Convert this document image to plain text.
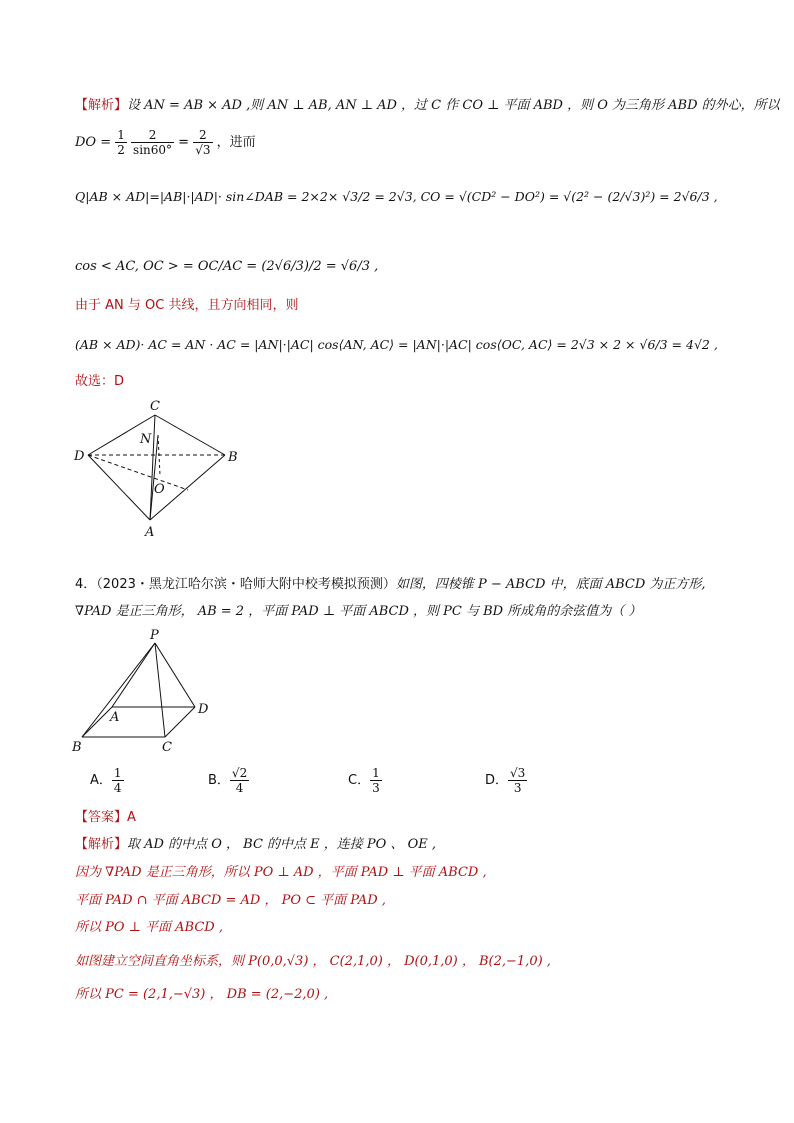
【解析】设 AN = AB × AD ,则 AN ⊥ AB, AN ⊥ AD ，过 C 作 CO ⊥ 平面 ABD ，则 O 为三角形 ABD 的外心，所以
DO = $\frac{1}{2}$
$\frac{2}{\sin 60^\circ} = \frac{2}{√3}$ ，进而
Q|AB × AD|=|AB|·|AD|· sin∠DAB = 2×2× √3/2 = 2√3, CO = √(CD² − DO²) = √(2² − (2/√3)²) = 2√6/3 ,
cos < AC, OC > = OC/AC = (2√6/3)/2 = √6/3 ,
由于 AN 与 OC 共线，且方向相同，则
(AB × AD)· AC = AN · AC = |AN|·|AC| cos⟨AN, AC⟩ = |AN|·|AC| cos⟨OC, AC⟩ = 2√3 × 2 × √6/3 = 4√2 ,
故选：D
C
N
D	B
O
A
4．（2023・黑龙江哈尔滨・哈师大附中校考模拟预测）如图，四棱锥 P − ABCD 中，底面 ABCD 为正方形,
∇PAD 是正三角形， AB = 2 ，平面 PAD ⊥ 平面 ABCD ，则 PC 与 BD 所成角的余弦值为（ ）
P
A
D
B	C
A． $\frac{1}{4}$	B． $\frac{√2}{4}$	C． $\frac{1}{3}$	D． $\frac{√3}{3}$
【答案】A
【解析】取 AD 的中点 O ， BC 的中点 E ，连接 PO 、 OE ,
因为 ∇PAD 是正三角形，所以 PO ⊥ AD ，平面 PAD ⊥ 平面 ABCD ,
平面 PAD ∩ 平面 ABCD = AD ， PO ⊂ 平面 PAD ,
所以 PO ⊥ 平面 ABCD ,
如图建立空间直角坐标系，则 P(0,0,√3) ， C(2,1,0) ， D(0,1,0) ， B(2,−1,0) ,
所以 PC = (2,1,−√3) ， DB = (2,−2,0) ,
